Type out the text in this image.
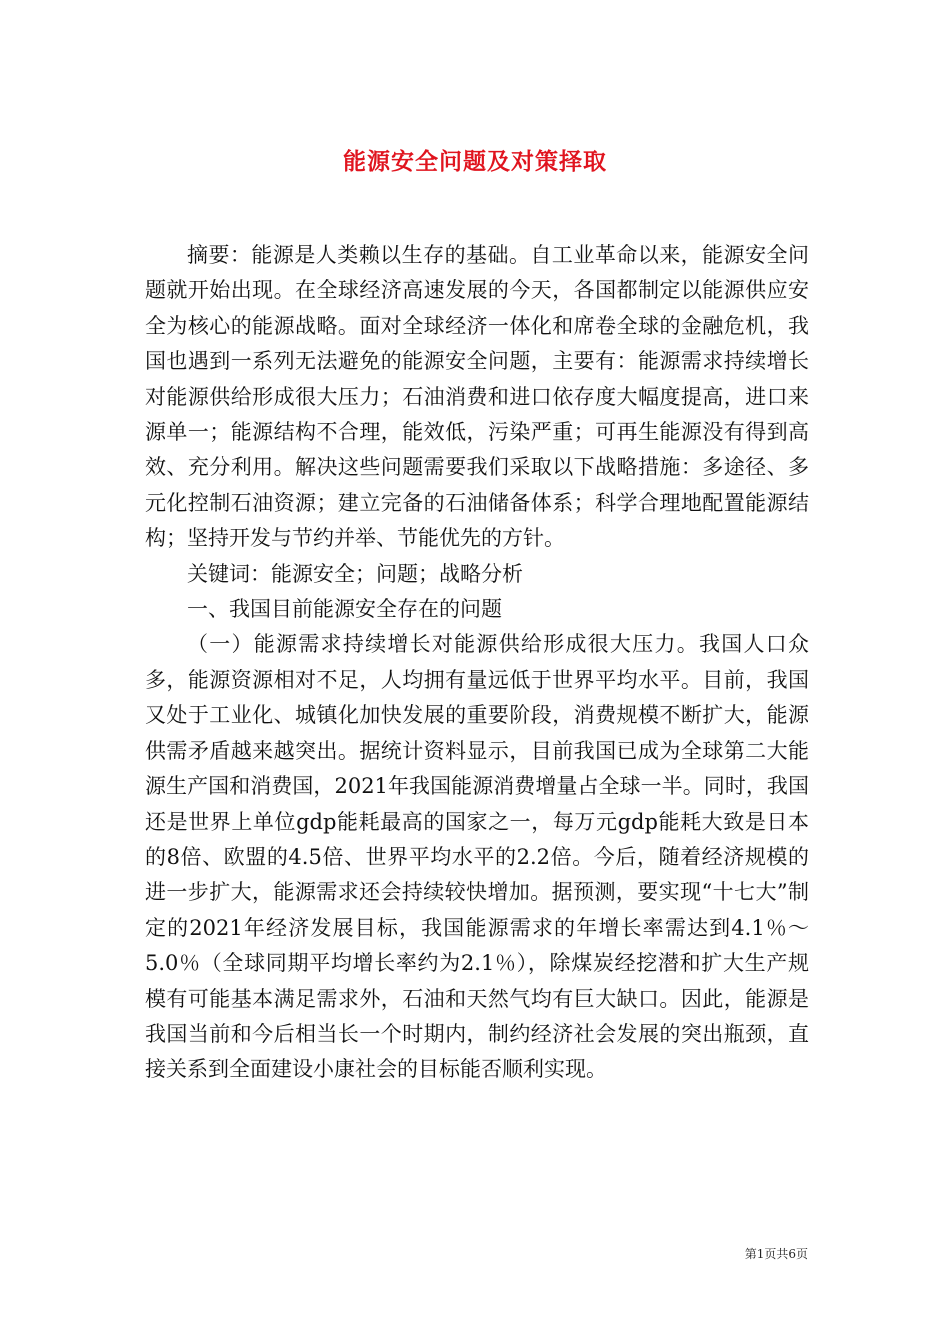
能源安全问题及对策择取

摘要：能源是人类赖以生存的基础。自工业革命以来，能源安全问题就开始出现。在全球经济高速发展的今天，各国都制定以能源供应安全为核心的能源战略。面对全球经济一体化和席卷全球的金融危机，我国也遇到一系列无法避免的能源安全问题，主要有：能源需求持续增长对能源供给形成很大压力；石油消费和进口依存度大幅度提高，进口来源单一；能源结构不合理，能效低，污染严重；可再生能源没有得到高效、充分利用。解决这些问题需要我们采取以下战略措施：多途径、多元化控制石油资源；建立完备的石油储备体系；科学合理地配置能源结构；坚持开发与节约并举、节能优先的方针。

关键词：能源安全；问题；战略分析

一、我国目前能源安全存在的问题

（一）能源需求持续增长对能源供给形成很大压力。我国人口众多，能源资源相对不足，人均拥有量远低于世界平均水平。目前，我国又处于工业化、城镇化加快发展的重要阶段，消费规模不断扩大，能源供需矛盾越来越突出。据统计资料显示，目前我国已成为全球第二大能源生产国和消费国，2021年我国能源消费增量占全球一半。同时，我国还是世界上单位gdp能耗最高的国家之一，每万元gdp能耗大致是日本的8倍、欧盟的4.5倍、世界平均水平的2.2倍。今后，随着经济规模的进一步扩大，能源需求还会持续较快增加。据预测，要实现“十七大”制定的2021年经济发展目标，我国能源需求的年增长率需达到4.1％～5.0％（全球同期平均增长率约为2.1％），除煤炭经挖潜和扩大生产规模有可能基本满足需求外，石油和天然气均有巨大缺口。因此，能源是我国当前和今后相当长一个时期内，制约经济社会发展的突出瓶颈，直接关系到全面建设小康社会的目标能否顺利实现。

第1页共6页
